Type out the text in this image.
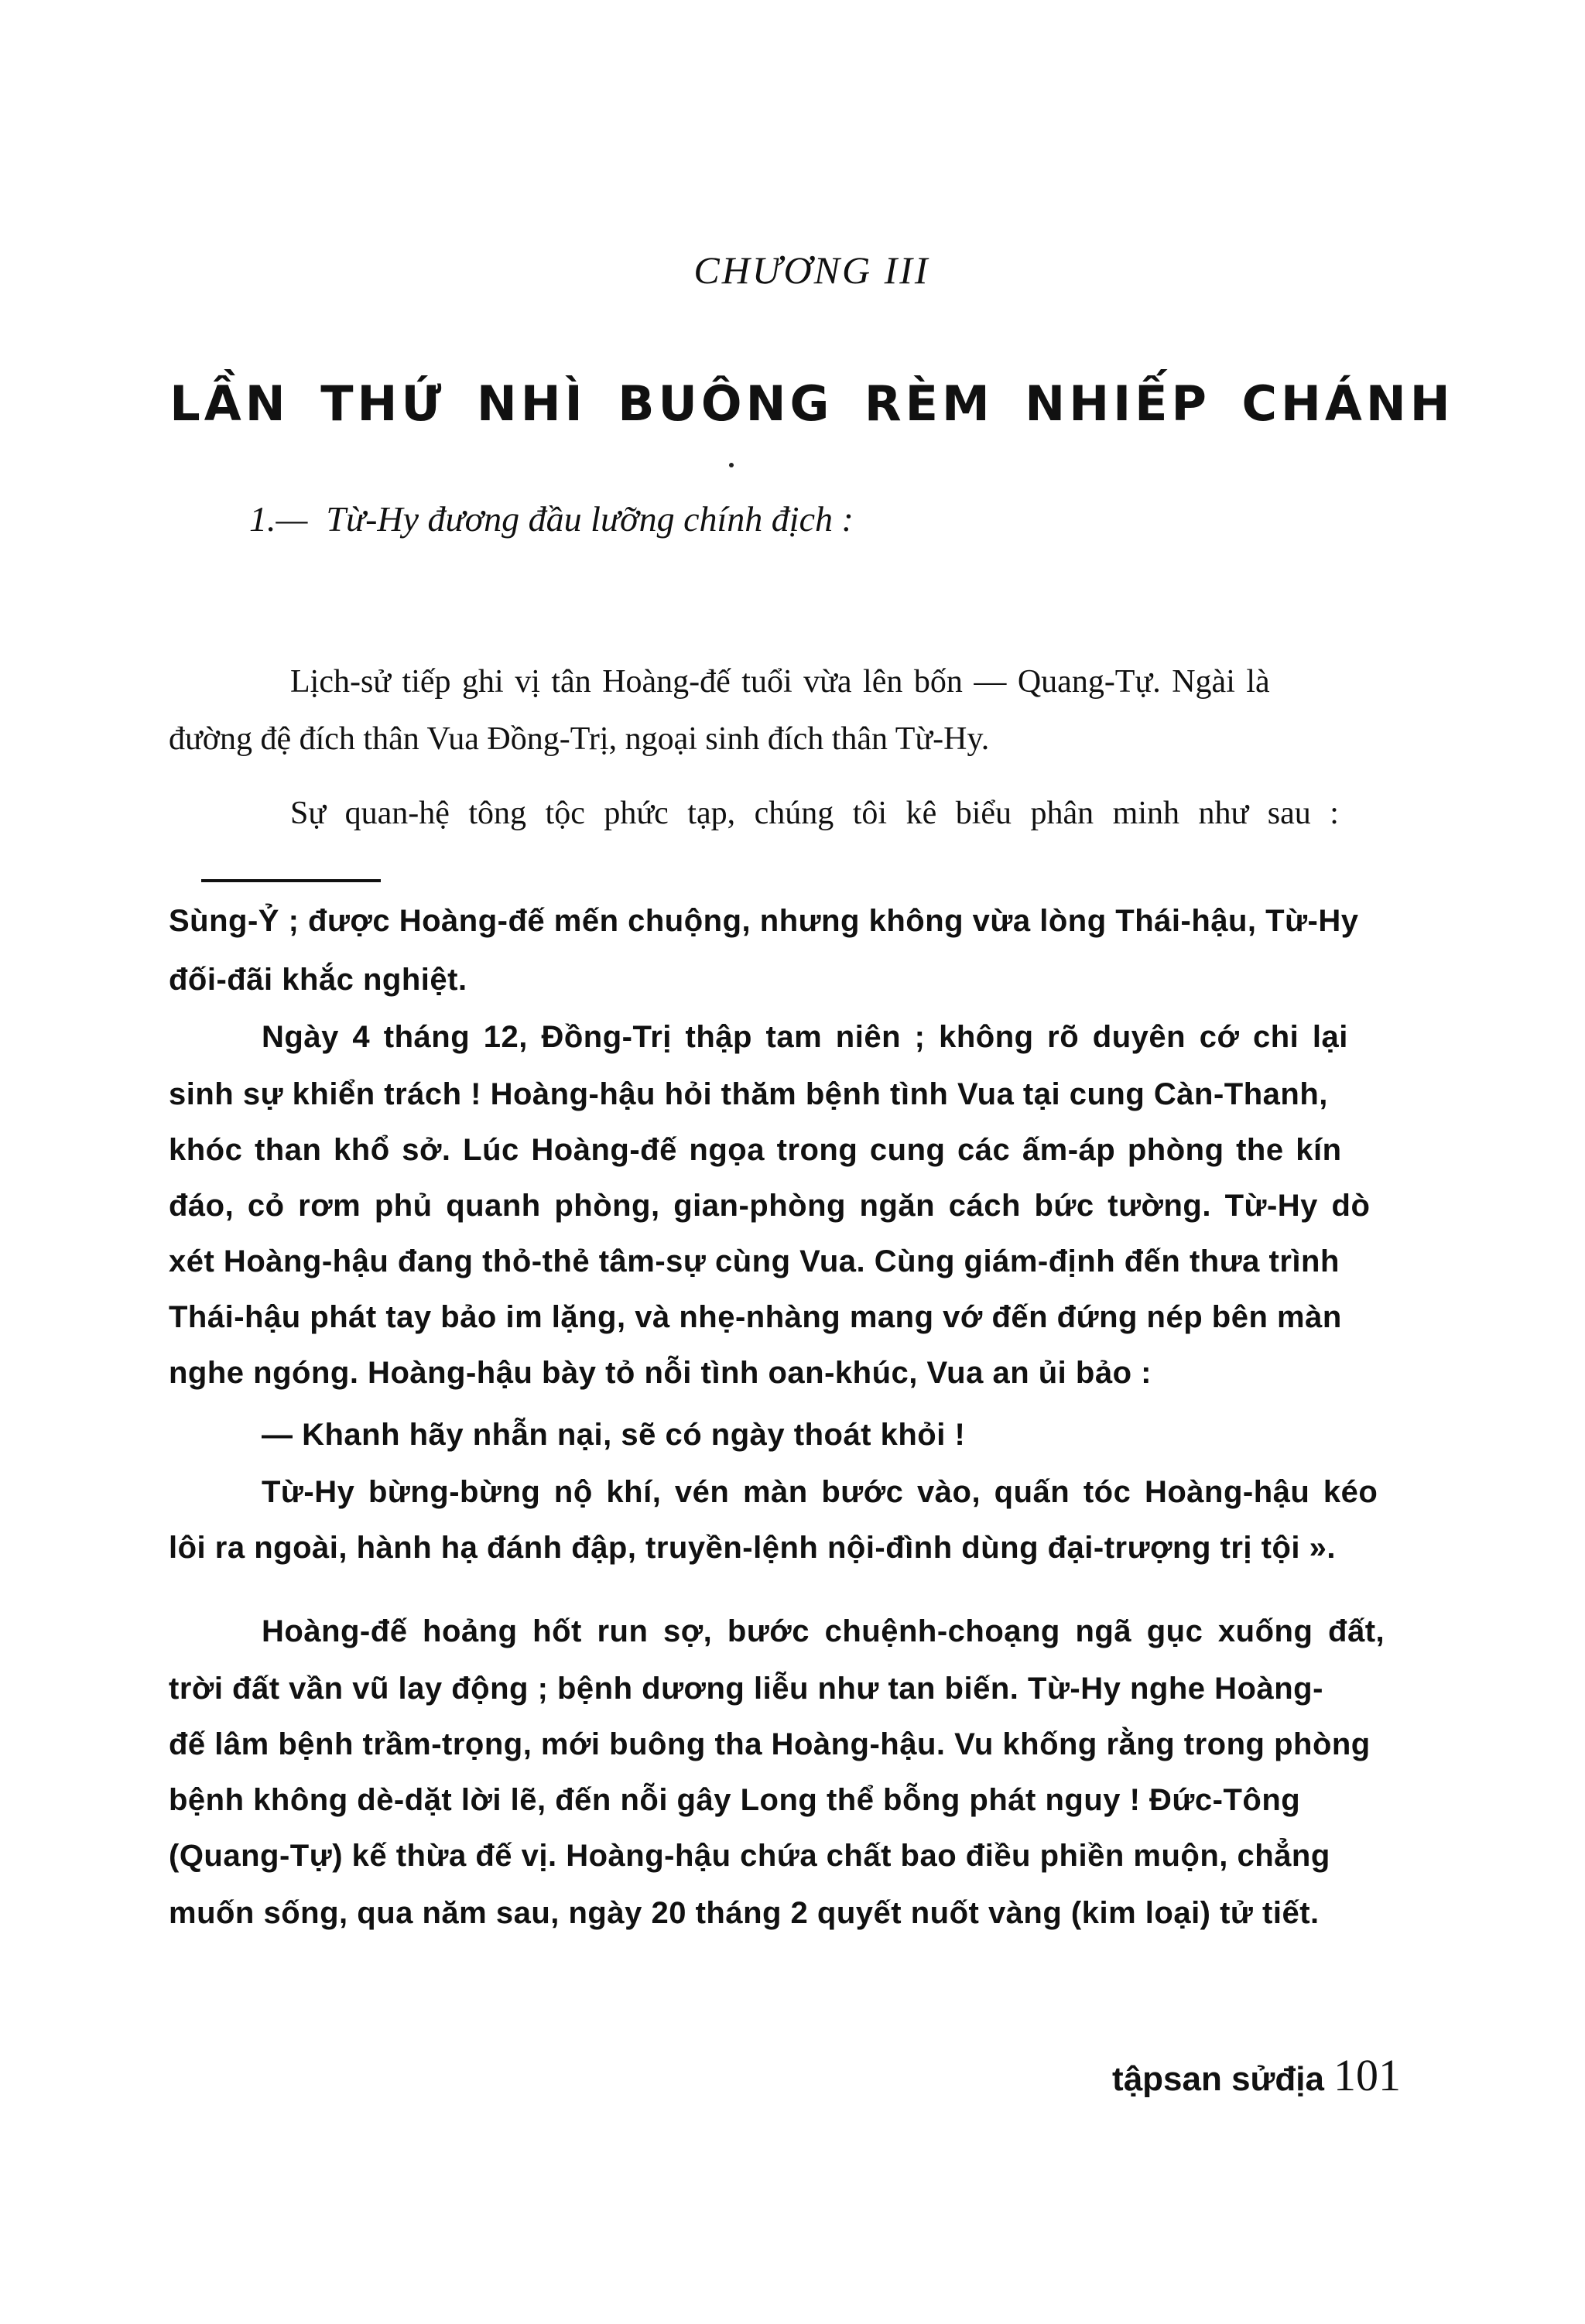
CHƯƠNG III
LẦN THỨ NHÌ BUÔNG RÈM NHIẾP CHÁNH
1.— Từ-Hy đương đầu lưỡng chính địch :
Lịch-sử tiếp ghi vị tân Hoàng-đế tuổi vừa lên bốn — Quang-Tự. Ngài là
đường đệ đích thân Vua Đồng-Trị, ngoại sinh đích thân Từ-Hy.
Sự quan-hệ tông tộc phức tạp, chúng tôi kê biểu phân minh như sau :
Sùng-Ỷ ; được Hoàng-đế mến chuộng, nhưng không vừa lòng Thái-hậu, Từ-Hy
đối-đãi khắc nghiệt.
Ngày 4 tháng 12, Đồng-Trị thập tam niên ; không rõ duyên cớ chi lại
sinh sự khiển trách ! Hoàng-hậu hỏi thăm bệnh tình Vua tại cung Càn-Thanh,
khóc than khổ sở. Lúc Hoàng-đế ngọa trong cung các ấm-áp phòng the kín
đáo, cỏ rơm phủ quanh phòng, gian-phòng ngăn cách bức tường. Từ-Hy dò
xét Hoàng-hậu đang thỏ-thẻ tâm-sự cùng Vua. Cùng giám-định đến thưa trình
Thái-hậu phát tay bảo im lặng, và nhẹ-nhàng mang vớ đến đứng nép bên màn
nghe ngóng. Hoàng-hậu bày tỏ nỗi tình oan-khúc, Vua an ủi bảo :
— Khanh hãy nhẫn nại, sẽ có ngày thoát khỏi !
Từ-Hy bừng-bừng nộ khí, vén màn bước vào, quấn tóc Hoàng-hậu kéo
lôi ra ngoài, hành hạ đánh đập, truyền-lệnh nội-đình dùng đại-trượng trị tội ».
Hoàng-đế hoảng hốt run sợ, bước chuệnh-choạng ngã gục xuống đất,
trời đất vần vũ lay động ; bệnh dương liễu như tan biến. Từ-Hy nghe Hoàng-
đế lâm bệnh trầm-trọng, mới buông tha Hoàng-hậu. Vu khống rằng trong phòng
bệnh không dè-dặt lời lẽ, đến nỗi gây Long thể bỗng phát nguy ! Đức-Tông
(Quang-Tự) kế thừa đế vị. Hoàng-hậu chứa chất bao điều phiền muộn, chẳng
muốn sống, qua năm sau, ngày 20 tháng 2 quyết nuốt vàng (kim loại) tử tiết.
tậpsan sửđịa 101
